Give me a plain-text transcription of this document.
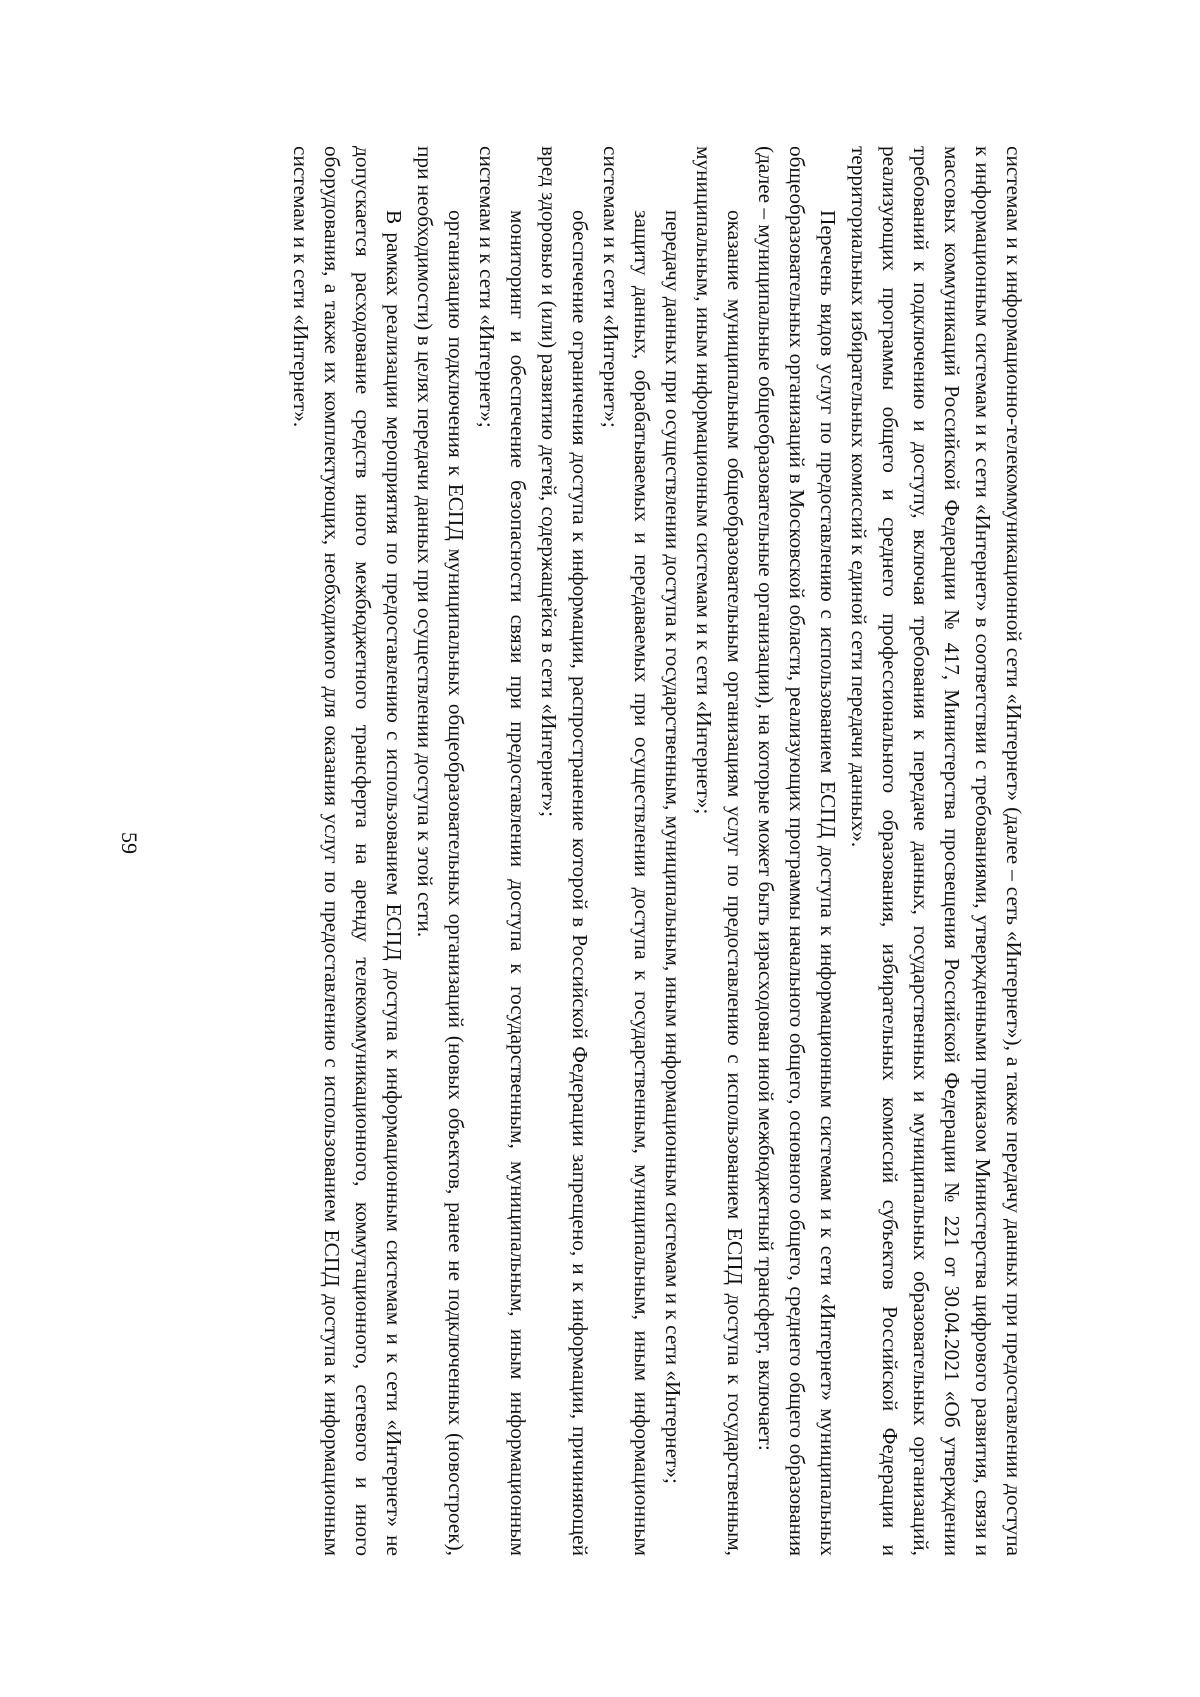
59	системам и к информационно-телекоммуникационной сети «Интернет» (далее – сеть «Интернет»), а также передачу данных при предоставлении доступа к информационным системам и к сети «Интернет» в соответствии с требованиями, утвержденными приказом Министерства цифрового развития, связи и массовых коммуникаций Российской Федерации № 417, Министерства просвещения Российской Федерации № 221 от 30.04.2021 «Об утверждении требований к подключению и доступу, включая требования к передаче данных, государственных и муниципальных образовательных организаций, реализующих программы общего и среднего профессионального образования, избирательных комиссий субъектов Российской Федерации и территориальных избирательных комиссий к единой сети передачи данных».

Перечень видов услуг по предоставлению с использованием ЕСПД доступа к информационным системам и к сети «Интернет» муниципальных общеобразовательных организаций в Московской области, реализующих программы начального общего, основного общего, среднего общего образования (далее – муниципальные общеобразовательные организации), на которые может быть израсходован иной межбюджетный трансферт, включает:

оказание муниципальным общеобразовательным организациям услуг по предоставлению с использованием ЕСПД доступа к государственным, муниципальным, иным информационным системам и к сети «Интернет»;

передачу данных при осуществлении доступа к государственным, муниципальным, иным информационным системам и к сети «Интернет»;

защиту данных, обрабатываемых и передаваемых при осуществлении доступа к государственным, муниципальным, иным информационным системам и к сети «Интернет»;

обеспечение ограничения доступа к информации, распространение которой в Российской Федерации запрещено, и к информации, причиняющей вред здоровью и (или) развитию детей, содержащейся в сети «Интернет»;

мониторинг и обеспечение безопасности связи при предоставлении доступа к государственным, муниципальным, иным информационным системам и к сети «Интернет»;

организацию подключения к ЕСПД муниципальных общеобразовательных организаций (новых объектов, ранее не подключенных (новостроек), при необходимости) в целях передачи данных при осуществлении доступа к этой сети.

В рамках реализации мероприятия по предоставлению с использованием ЕСПД доступа к информационным системам и к сети «Интернет» не допускается расходование средств иного межбюджетного трансферта на аренду телекоммуникационного, коммутационного, сетевого и иного оборудования, а также их комплектующих, необходимого для оказания услуг по предоставлению с использованием ЕСПД доступа к информационным системам и к сети «Интернет».
